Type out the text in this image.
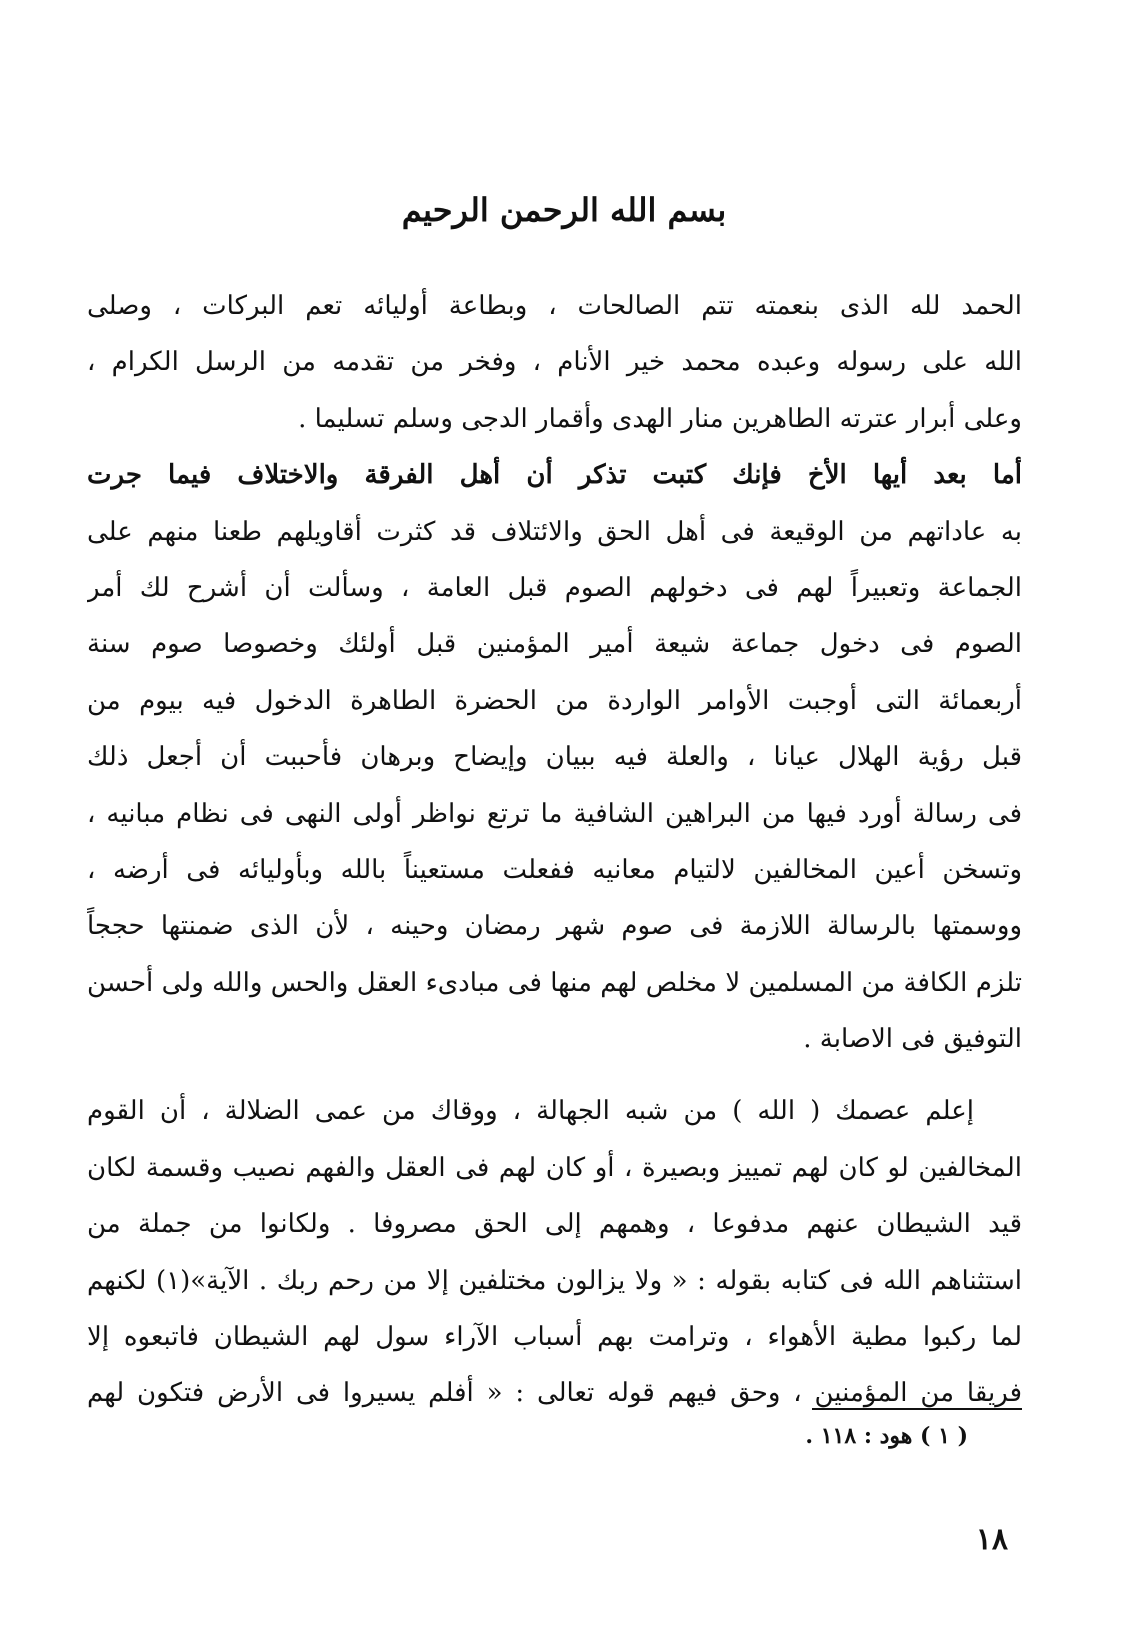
بسم الله الرحمن الرحيم
الحمد لله الذى بنعمته تتم الصالحات ، وبطاعة أوليائه تعم البركات ، وصلى
الله على رسوله وعبده محمد خير الأنام ، وفخر من تقدمه من الرسل الكرام ،
وعلى أبرار عترته الطاهرين منار الهدى وأقمار الدجى وسلم تسليما .
أما بعد أيها الأخ فإنك كتبت تذكر أن أهل الفرقة والاختلاف فيما جرت
به عاداتهم من الوقيعة فى أهل الحق والائتلاف قد كثرت أقاويلهم طعنا منهم على
الجماعة وتعبيراً لهم فى دخولهم الصوم قبل العامة ، وسألت أن أشرح لك أمر
الصوم فى دخول جماعة شيعة أمير المؤمنين قبل أولئك وخصوصا صوم سنة
أربعمائة التى أوجبت الأوامر الواردة من الحضرة الطاهرة الدخول فيه بيوم من
قبل رؤية الهلال عيانا ، والعلة فيه ببيان وإيضاح وبرهان فأحببت أن أجعل ذلك
فى رسالة أورد فيها من البراهين الشافية ما ترتع نواظر أولى النهى فى نظام مبانيه ،
وتسخن أعين المخالفين لالتيام معانيه ففعلت مستعيناً بالله وبأوليائه فى أرضه ،
ووسمتها بالرسالة اللازمة فى صوم شهر رمضان وحينه ، لأن الذى ضمنتها حججاً
تلزم الكافة من المسلمين لا مخلص لهم منها فى مبادىء العقل والحس والله ولى أحسن
التوفيق فى الاصابة .
إعلم عصمك ( الله ) من شبه الجهالة ، ووقاك من عمى الضلالة ، أن القوم
المخالفين لو كان لهم تمييز وبصيرة ، أو كان لهم فى العقل والفهم نصيب وقسمة لكان
قيد الشيطان عنهم مدفوعا ، وهمهم إلى الحق مصروفا . ولكانوا من جملة من
استثناهم الله فى كتابه بقوله : « ولا يزالون مختلفين إلا من رحم ربك . الآية»(١) لكنهم
لما ركبوا مطية الأهواء ، وترامت بهم أسباب الآراء سول لهم الشيطان فاتبعوه إلا
فريقا من المؤمنين ، وحق فيهم قوله تعالى : « أفلم يسيروا فى الأرض فتكون لهم

( ١ ) هود : ١١٨ .

١٨
